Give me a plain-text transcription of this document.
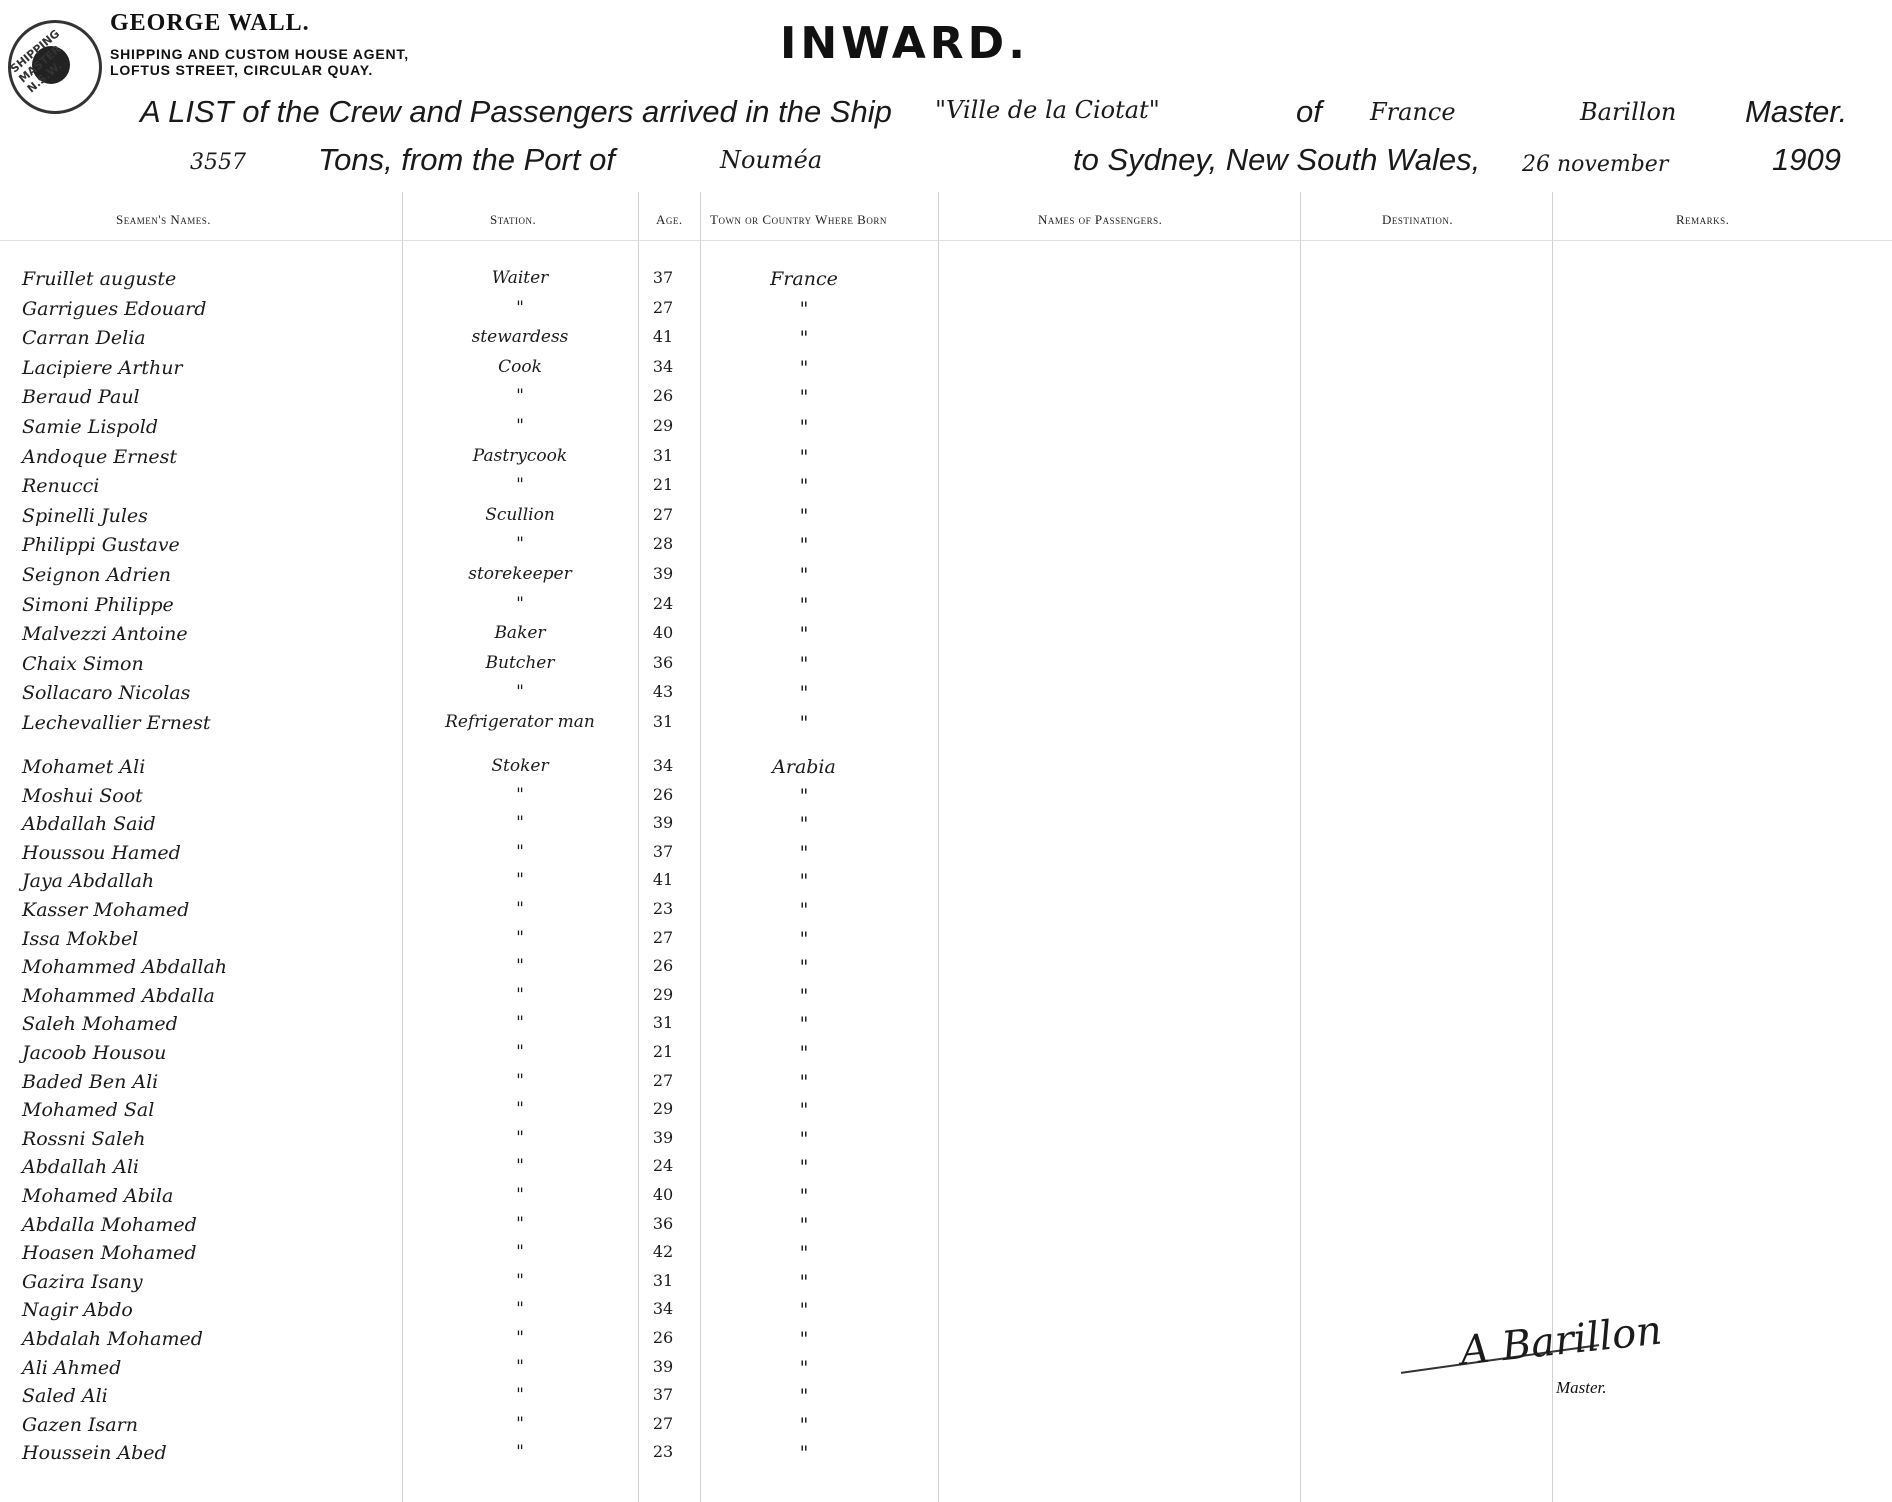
SHIPPING MASTER N.S.W.
GEORGE WALL.
SHIPPING AND CUSTOM HOUSE AGENT,
LOFTUS STREET, CIRCULAR QUAY.
INWARD.
A LIST of the Crew and Passengers arrived in the Ship "Ville de la Ciotat"	of France	Barillon Master.
3557 Tons, from the Port of	Nouméa	to Sydney, New South Wales, 26 november	1909
Seamen's Names.	Station.	Age. Town or Country Where Born	Names of Passengers.	Destination.	Remarks.
Fruillet auguste	Waiter	37	France
Garrigues Edouard	"	27	"
Carran Delia	stewardess	41	"
Lacipiere Arthur	Cook	34	"
Beraud Paul	"	26	"
Samie Lispold	"	29	"
Andoque Ernest	Pastrycook	31	"
Renucci	"	21	"
Spinelli Jules	Scullion	27	"
Philippi Gustave	"	28	"
Seignon Adrien	storekeeper	39	"
Simoni Philippe	"	24	"
Malvezzi Antoine	Baker	40	"
Chaix Simon	Butcher	36	"
Sollacaro Nicolas	"	43	"
Lechevallier Ernest	Refrigerator man	31	"
Mohamet Ali	Stoker	34	Arabia
Moshui Soot	"	26	"
Abdallah Said	"	39	"
Houssou Hamed	"	37	"
Jaya Abdallah	"	41	"
Kasser Mohamed	"	23	"
Issa Mokbel	"	27	"
Mohammed Abdallah	"	26	"
Mohammed Abdalla	"	29	"
Saleh Mohamed	"	31	"
Jacoob Housou	"	21	"
Baded Ben Ali	"	27	"
Mohamed Sal	"	29	"
Rossni Saleh	"	39	"
Abdallah Ali	"	24	"
Mohamed Abila	"	40	"
Abdalla Mohamed	"	36	"
Hoasen Mohamed	"	42	"
Gazira Isany	"	31	"
Nagir Abdo	"	34	"
Abdalah Mohamed	"	26	"
Ali Ahmed	"	39	"
Saled Ali	"	37	"
Gazen Isarn	"	27	"
Houssein Abed	"	23	"
A Barillon
Master.
